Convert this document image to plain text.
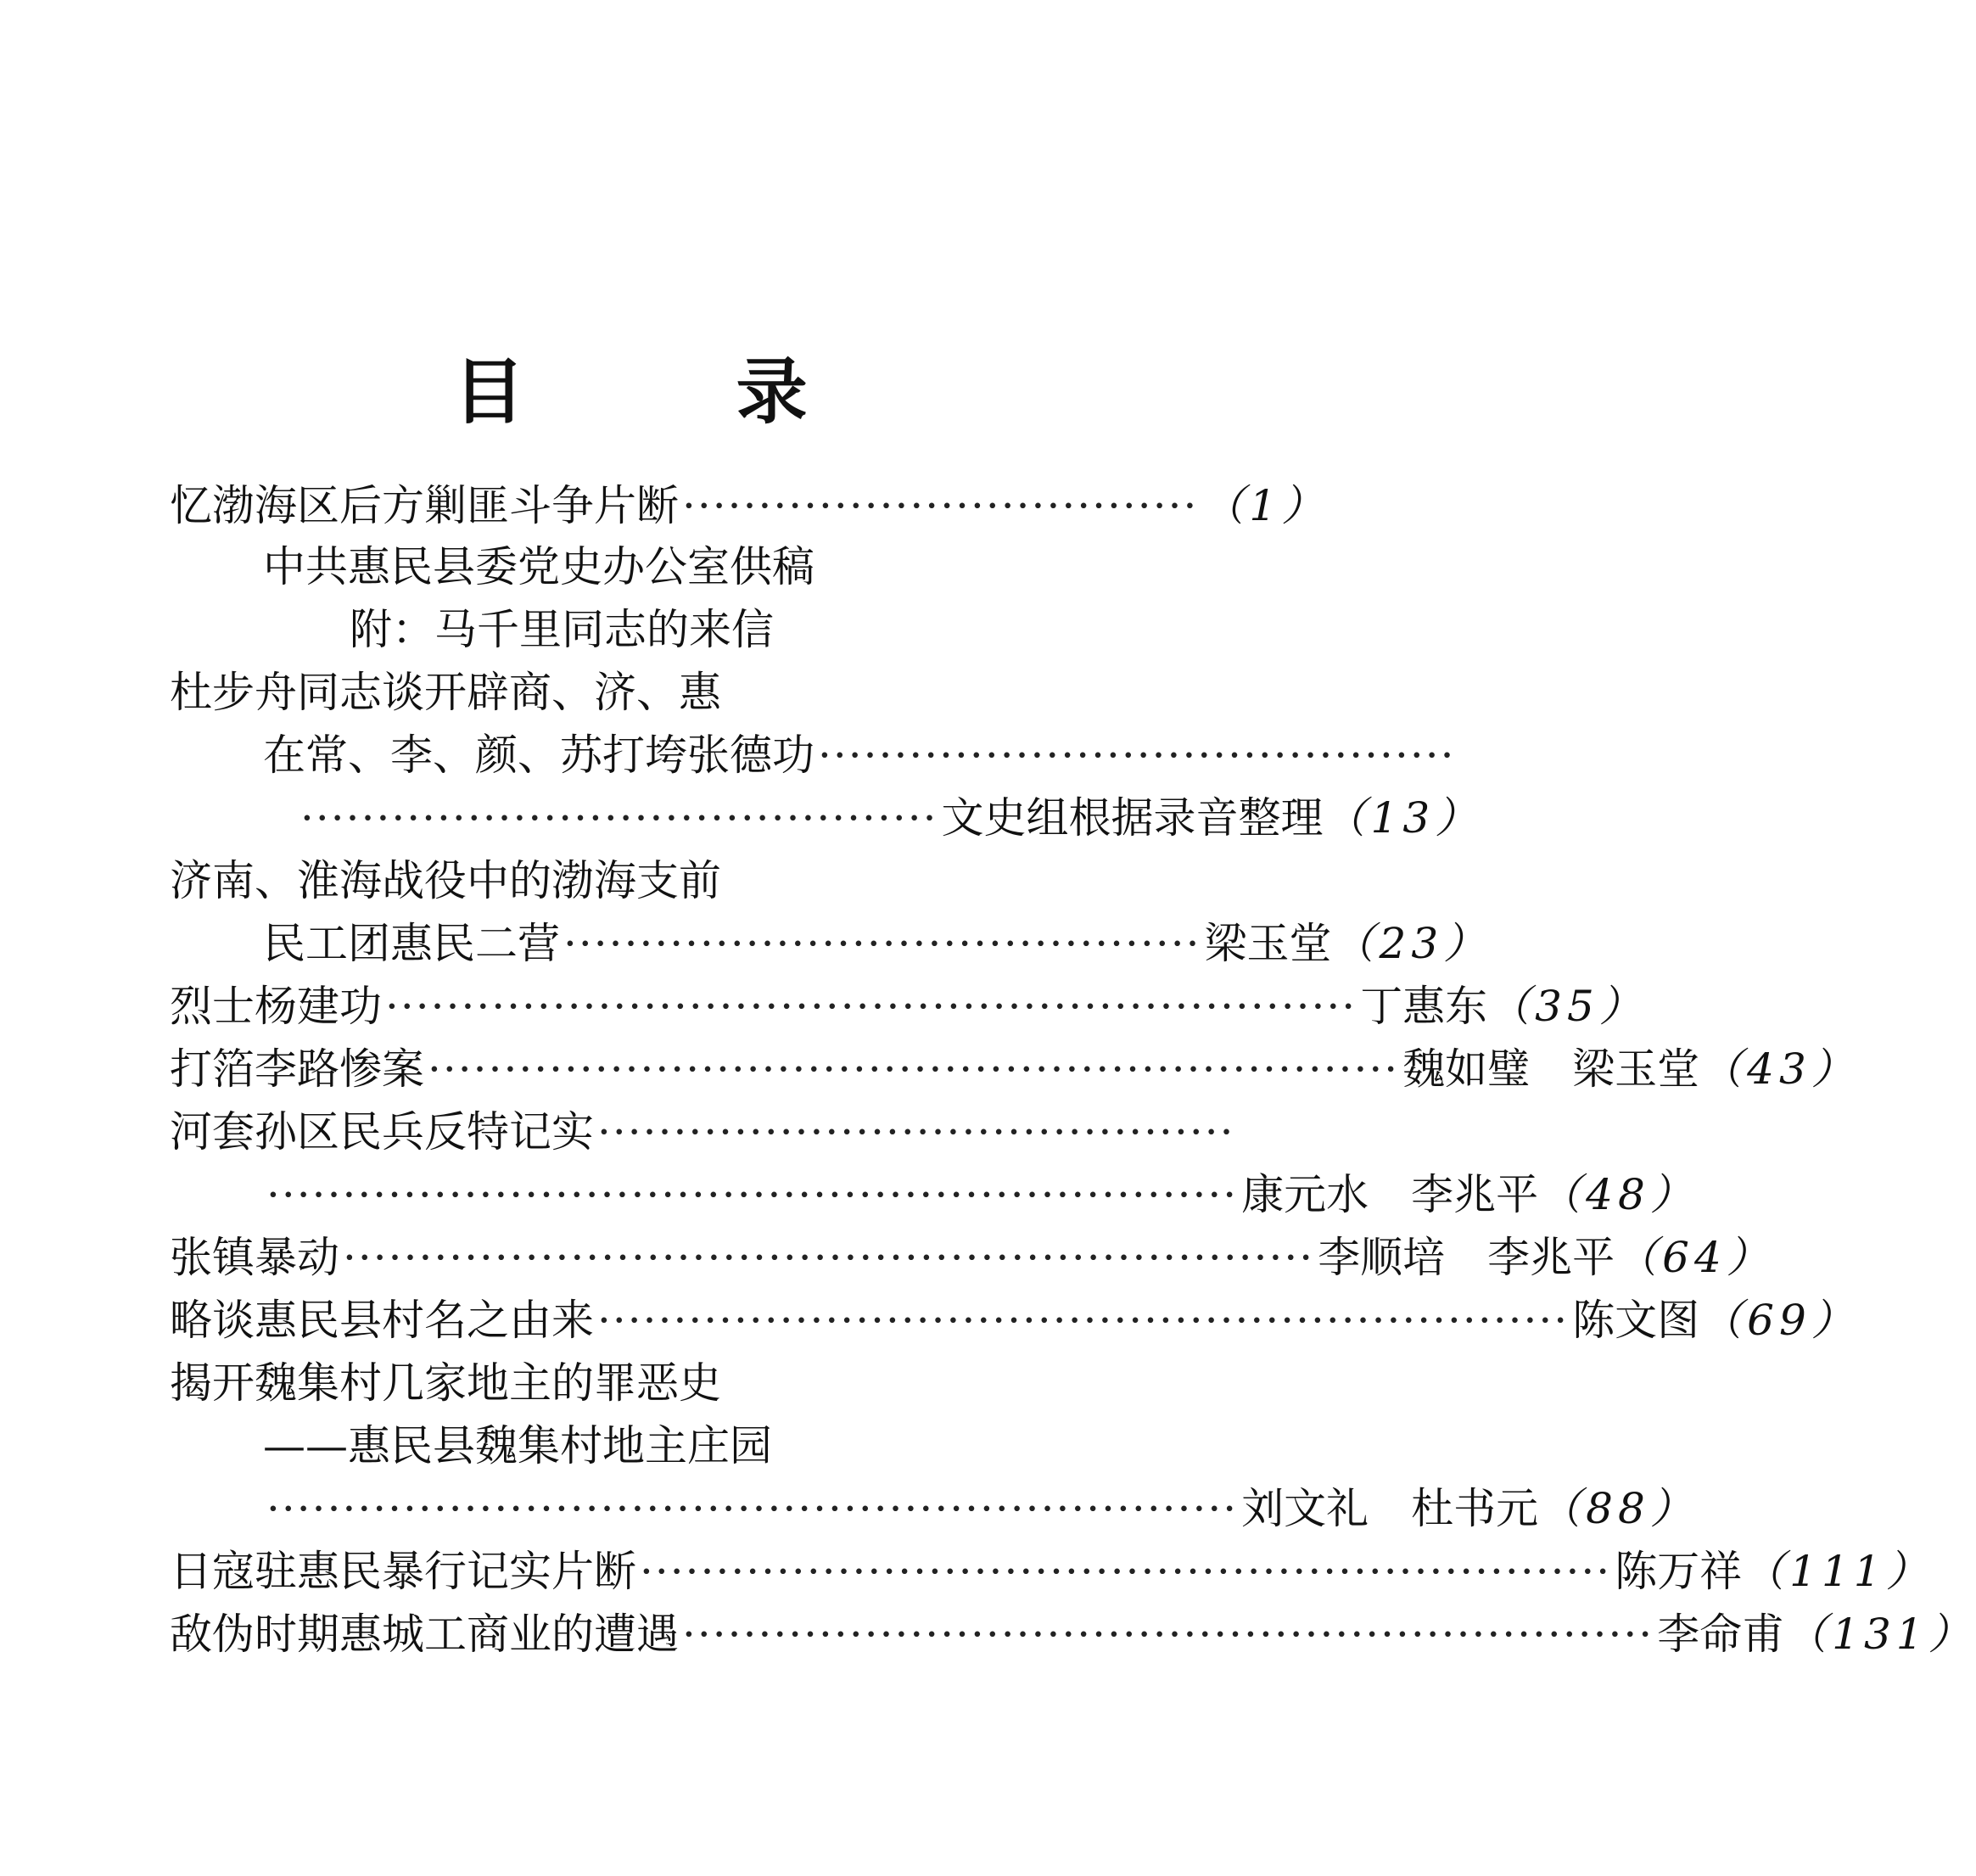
目 录
忆渤海区后方剿匪斗争片断 ·································· （1）
中共惠民县委党史办公室供稿
附：马千里同志的来信
杜步舟同志谈开辟商、济、惠
在常、李、颜、苏打垮张德功 ··········································
·········································· 文史组根据录音整理 （13）
济南、淮海战役中的渤海支前
民工团惠民二营 ·········································· 梁玉堂 （23）
烈士杨建功 ································································ 丁惠东 （35）
打箔李路惨案 ································································ 魏如璧　梁玉堂 （43）
河套孙区民兵反特记实 ··········································
································································ 康元水　李兆平 （48）
张镇暴动 ································································ 李顺培　李兆平 （64）
略谈惠民县村名之由来 ································································ 陈文图 （69）
揭开魏集村几家地主的罪恶史
——惠民县魏集村地主庄园
································································ 刘文礼　杜书元 （88）
日寇驻惠民暴行记实片断 ································································ 陈万祥 （111）
敌伪时期惠城工商业的遭遇 ································································ 李命甫 （131）
